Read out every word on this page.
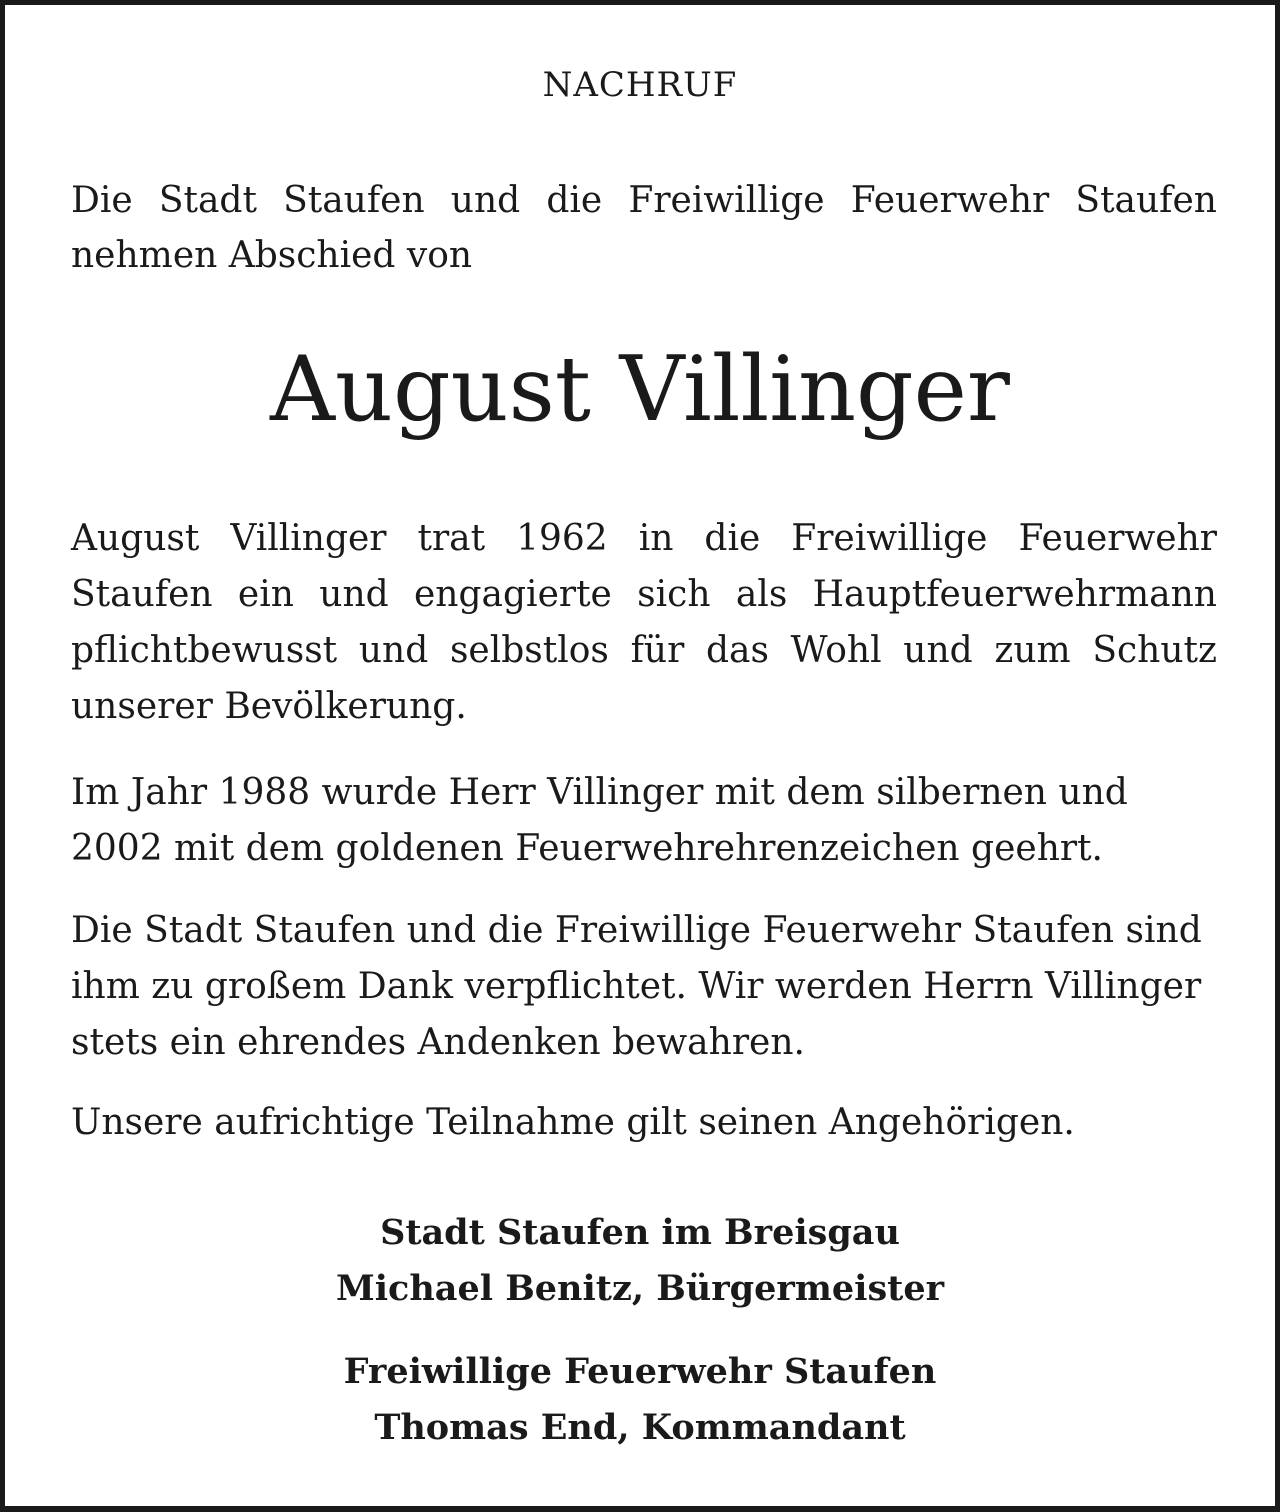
NACHRUF
Die Stadt Staufen und die Freiwillige Feuerwehr Staufen
nehmen Abschied von
August Villinger

August Villinger trat 1962 in die Freiwillige Feuerwehr Staufen ein und engagierte sich als Hauptfeuerwehrmann pflichtbewusst und selbstlos für das Wohl und zum Schutz unserer Bevölkerung.

Im Jahr 1988 wurde Herr Villinger mit dem silbernen und 2002 mit dem goldenen Feuerwehrehrenzeichen geehrt.

Die Stadt Staufen und die Freiwillige Feuerwehr Staufen sind ihm zu großem Dank verpflichtet. Wir werden Herrn Villinger stets ein ehrendes Andenken bewahren.

Unsere aufrichtige Teilnahme gilt seinen Angehörigen.

Stadt Staufen im Breisgau
Michael Benitz, Bürgermeister
Freiwillige Feuerwehr Staufen
Thomas End, Kommandant
